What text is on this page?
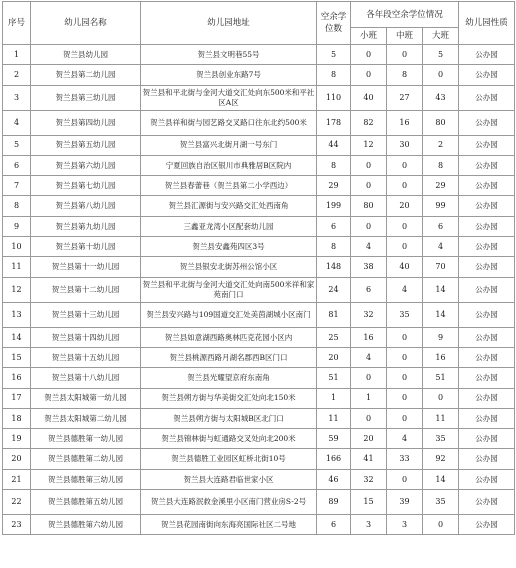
序号	幼儿园名称	幼儿园地址	空余学位数	各年段空余学位情况			幼儿园性质
				小班	中班	大班	
1	贺兰县幼儿园	贺兰县文明巷55号	5	0	0	5	公办园
2	贺兰县第二幼儿园	贺兰县创业东路7号	8	0	8	0	公办园
3	贺兰县第三幼儿园	贺兰县和平北街与金河大道交汇处向东500米和平社区A区	110	40	27	43	公办园
4	贺兰县第四幼儿园	贺兰县祥和街与园艺路交叉路口往东北约500米	178	82	16	80	公办园
5	贺兰县第五幼儿园	贺兰县富兴北街月湖一号东门	44	12	30	2	公办园
6	贺兰县第六幼儿园	宁夏回族自治区银川市典雅居B区院内	8	0	0	8	公办园
7	贺兰县第七幼儿园	贺兰县春蕾巷（贺兰县第二小学西边）	29	0	0	29	公办园
8	贺兰县第八幼儿园	贺兰县汇源街与安兴路交汇处西南角	199	80	20	99	公办园
9	贺兰县第九幼儿园	三鑫亚龙湾小区配套幼儿园	6	0	0	6	公办园
10	贺兰县第十幼儿园	贺兰县安鑫苑四区3号	8	4	0	4	公办园
11	贺兰县第十一幼儿园	贺兰县银安北街苏州公馆小区	148	38	40	70	公办园
12	贺兰县第十二幼儿园	贺兰县和平北街与金河大道交汇处向南500米祥和家苑南门口	24	6	4	14	公办园
13	贺兰县第十三幼儿园	贺兰县安兴路与109国道交汇处美茵湖城小区南门	81	32	35	14	公办园
14	贺兰县第十四幼儿园	贺兰县如意湖西路奥林匹克花园小区内	25	16	0	9	公办园
15	贺兰县第十五幼儿园	贺兰县桃源西路月湖名郡西B区门口	20	4	0	16	公办园
16	贺兰县第十八幼儿园	贺兰县光耀望京府东南角	51	0	0	51	公办园
17	贺兰县太阳城第一幼儿园	贺兰县朔方街与华美街交汇处向北150米	1	1	0	0	公办园
18	贺兰县太阳城第二幼儿园	贺兰县朔方街与太阳城B区北门口	11	0	0	11	公办园
19	贺兰县德胜第一幼儿园	贺兰县锦林街与虹通路交叉处向北200米	59	20	4	35	公办园
20	贺兰县德胜第二幼儿园	贺兰县德胜工业园区虹桥北街10号	166	41	33	92	公办园
21	贺兰县德胜第三幼儿园	贺兰县大连路君临世家小区	46	32	0	14	公办园
22	贺兰县德胜第五幼儿园	贺兰县大连路泯救金溪里小区南门营业房S-2号	89	15	39	35	公办园
23	贺兰县德胜第六幼儿园	贺兰县花园南街向东海亮国际社区二号地	6	3	3	0	公办园
